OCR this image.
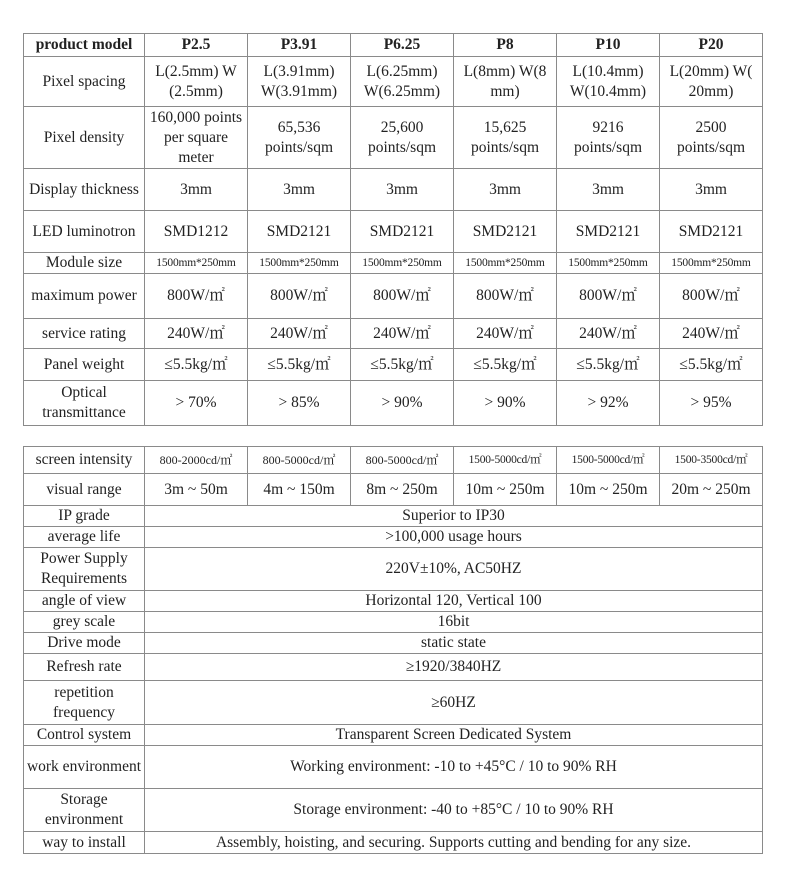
product model	P2.5	P3.91	P6.25	P8	P10	P20
Pixel spacing	L(2.5mm) W (2.5mm)	L(3.91mm) W(3.91mm)	L(6.25mm) W(6.25mm)	L(8mm) W(8 mm)	L(10.4mm) W(10.4mm)	L(20mm) W( 20mm)
Pixel density	160,000 points per square meter	65,536 points/sqm	25,600 points/sqm	15,625 points/sqm	9216 points/sqm	2500 points/sqm
Display thickness	3mm	3mm	3mm	3mm	3mm	3mm
LED luminotron	SMD1212	SMD2121	SMD2121	SMD2121	SMD2121	SMD2121
Module size	1500mm*250mm	1500mm*250mm	1500mm*250mm	1500mm*250mm	1500mm*250mm	1500mm*250mm
maximum power	800W/㎡	800W/㎡	800W/㎡	800W/㎡	800W/㎡	800W/㎡
service rating	240W/㎡	240W/㎡	240W/㎡	240W/㎡	240W/㎡	240W/㎡
Panel weight	≤5.5kg/㎡	≤5.5kg/㎡	≤5.5kg/㎡	≤5.5kg/㎡	≤5.5kg/㎡	≤5.5kg/㎡
Optical transmittance	> 70%	> 85%	> 90%	> 90%	> 92%	> 95%
screen intensity	800-2000cd/㎡	800-5000cd/㎡	800-5000cd/㎡	1500-5000cd/㎡	1500-5000cd/㎡	1500-3500cd/㎡
visual range	3m ~ 50m	4m ~ 150m	8m ~ 250m	10m ~ 250m	10m ~ 250m	20m ~ 250m
IP grade	Superior to IP30					
average life	>100,000 usage hours					
Power Supply Requirements	220V±10%, AC50HZ					
angle of view	Horizontal 120, Vertical 100					
grey scale	16bit					
Drive mode	static state					
Refresh rate	≥1920/3840HZ					
repetition frequency	≥60HZ					
Control system	Transparent Screen Dedicated System					
work environment	Working environment: -10 to +45°C / 10 to 90% RH					
Storage environment	Storage environment: -40 to +85°C / 10 to 90% RH					
way to install	Assembly, hoisting, and securing. Supports cutting and bending for any size.					
